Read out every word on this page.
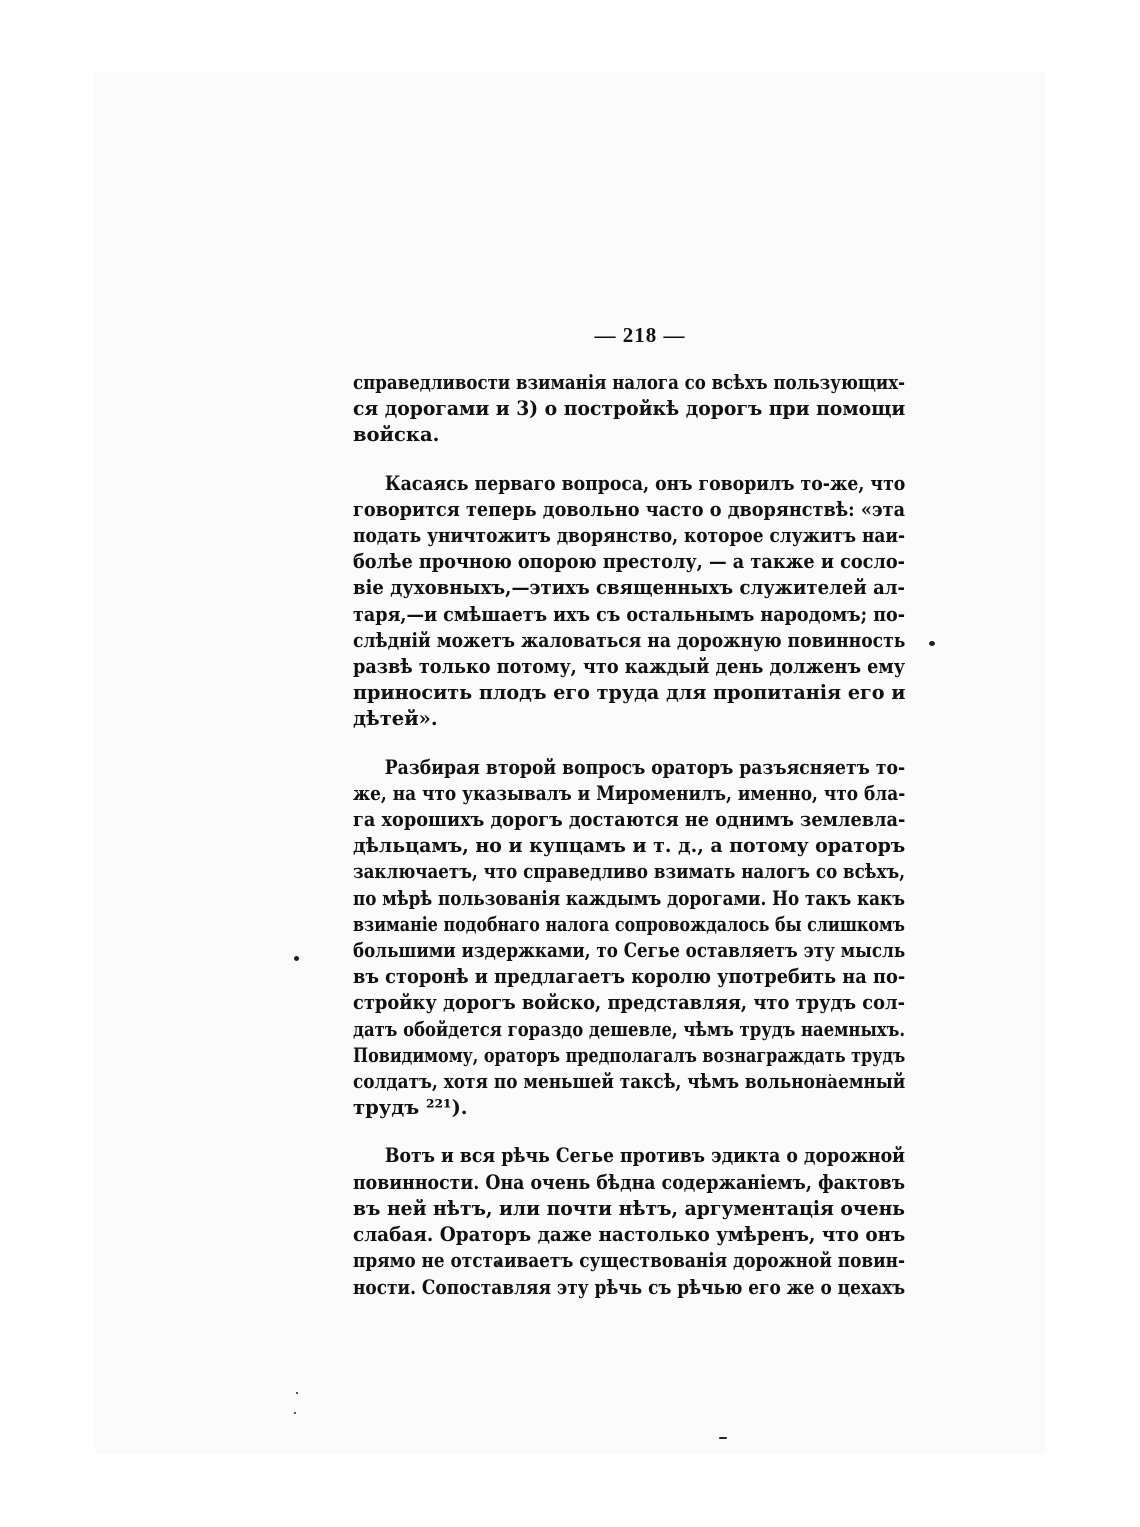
— 218 —
справедливости взиманія налога со всѣхъ пользующих-
ся дорогами и 3) о постройкѣ дорогъ при помощи
войска.
Касаясь перваго вопроса, онъ говорилъ то-же, что
говорится теперь довольно часто о дворянствѣ: «эта
подать уничтожитъ дворянство, которое служитъ наи-
болѣе прочною опорою престолу, — а также и сосло-
віе духовныхъ,—этихъ священныхъ служителей ал-
таря,—и смѣшаетъ ихъ съ остальнымъ народомъ; по-
слѣдній можетъ жаловаться на дорожную повинность
развѣ только потому, что каждый день долженъ ему
приносить плодъ его труда для пропитанія его и
дѣтей».
Разбирая второй вопросъ ораторъ разъясняетъ то-
же, на что указывалъ и Мироменилъ, именно, что бла-
га хорошихъ дорогъ достаются не однимъ землевла-
дѣльцамъ, но и купцамъ и т. д., а потому ораторъ
заключаетъ, что справедливо взимать налогъ со всѣхъ,
по мѣрѣ пользованія каждымъ дорогами. Но такъ какъ
взиманіе подобнаго налога сопровождалось бы слишкомъ
большими издержками, то Сегье оставляетъ эту мысль
въ сторонѣ и предлагаетъ королю употребить на по-
стройку дорогъ войско, представляя, что трудъ сол-
датъ обойдется гораздо дешевле, чѣмъ трудъ наемныхъ.
Повидимому, ораторъ предполагалъ вознаграждать трудъ
солдатъ, хотя по меньшей таксѣ, чѣмъ вольнонаемный
трудъ ²²¹).
Вотъ и вся рѣчь Сегье противъ эдикта о дорожной
повинности. Она очень бѣдна содержаніемъ, фактовъ
въ ней нѣтъ, или почти нѣтъ, аргументація очень
слабая. Ораторъ даже настолько умѣренъ, что онъ
прямо не отстаиваетъ существованія дорожной повин-
ности. Сопоставляя эту рѣчь съ рѣчью его же о цехахъ
